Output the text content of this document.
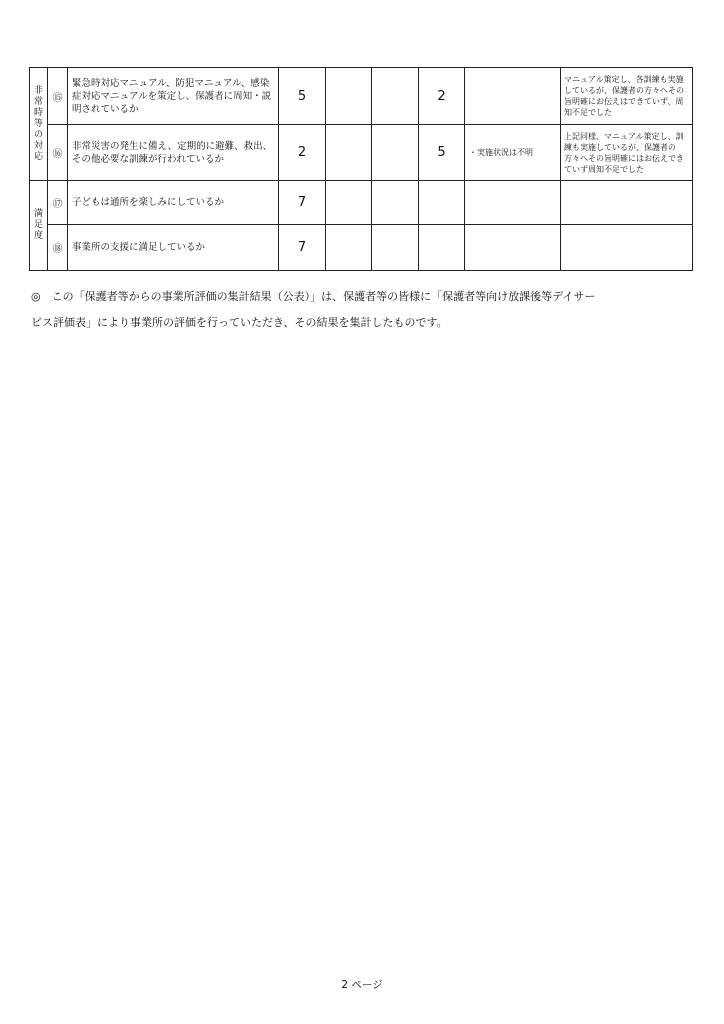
非常時等の対応	⑮	緊急時対応マニュアル、防犯マニュアル、感染症対応マニュアルを策定し、保護者に周知・説明されているか	5			2		マニュアル策定し、各訓練も実施しているが、保護者の方々へその旨明確にお伝えはできていず、周知不足でした
	⑯	非常災害の発生に備え、定期的に避難、救出、その他必要な訓練が行われているか	2			5	・実施状況は不明	上記同様、マニュアル策定し、訓練も実施しているが、保護者の方々へその旨明確にはお伝えできていず周知不足でした
満足度	⑰	子どもは通所を楽しみにしているか	7					
	⑱	事業所の支援に満足しているか	7					
◎　この「保護者等からの事業所評価の集計結果（公表）」は、保護者等の皆様に「保護者等向け放課後等デイサー
ビス評価表」により事業所の評価を行っていただき、その結果を集計したものです。
2 ページ
